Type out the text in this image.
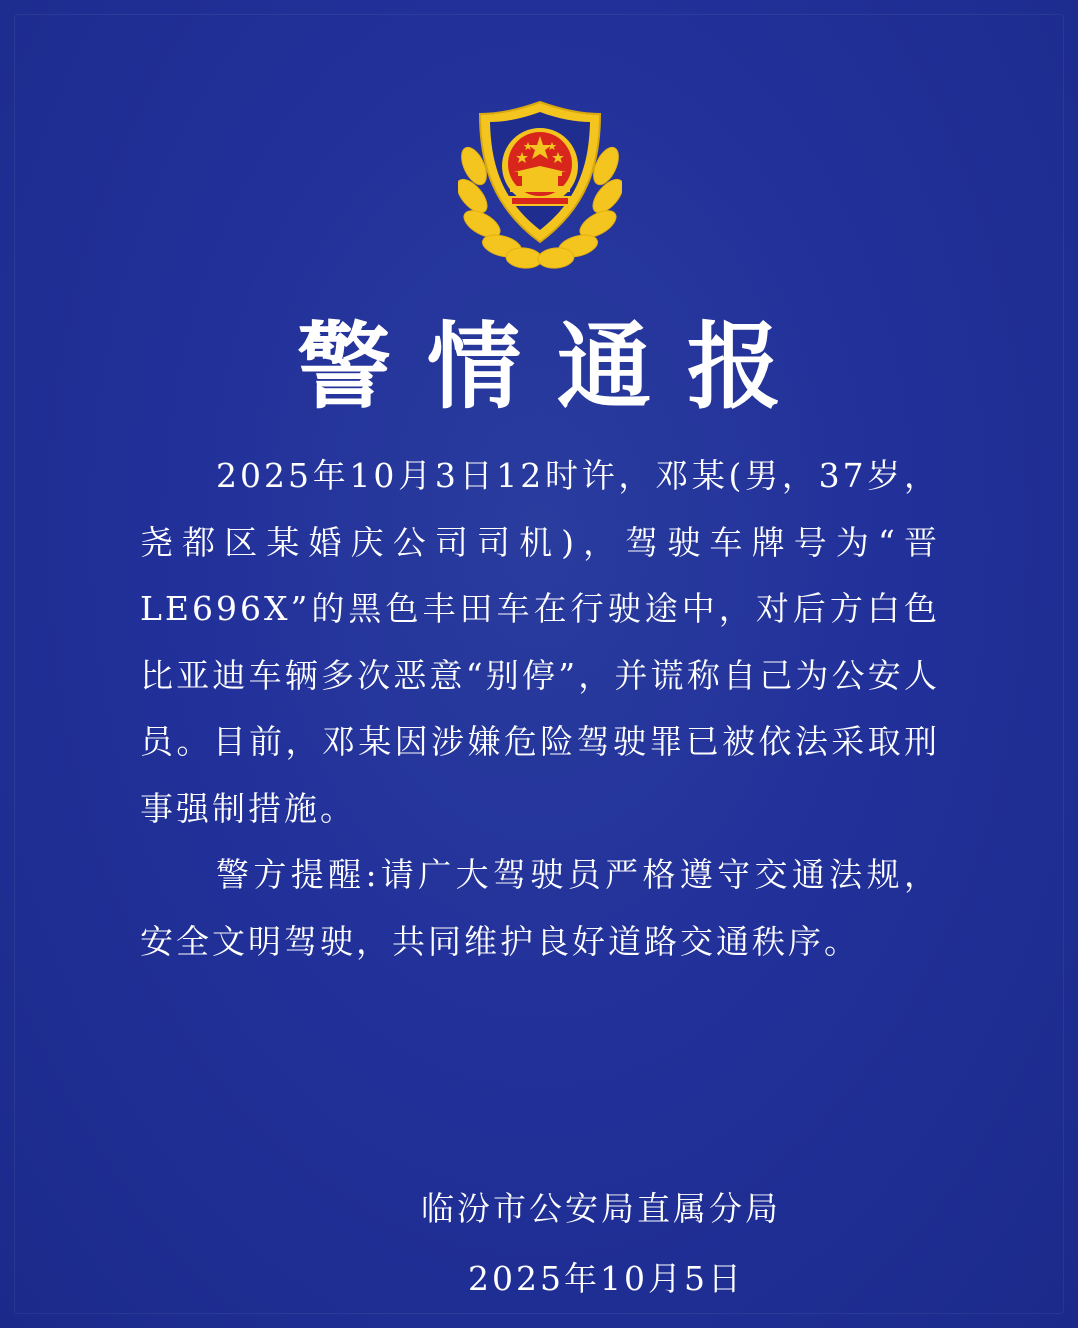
警情通报

2025年10月3日12时许，邓某(男，37岁，尧都区某婚庆公司司机)，驾驶车牌号为“晋LE696X”的黑色丰田车在行驶途中，对后方白色比亚迪车辆多次恶意“别停”，并谎称自己为公安人员。目前，邓某因涉嫌危险驾驶罪已被依法采取刑事强制措施。

警方提醒:请广大驾驶员严格遵守交通法规，安全文明驾驶，共同维护良好道路交通秩序。

临汾市公安局直属分局
2025年10月5日
